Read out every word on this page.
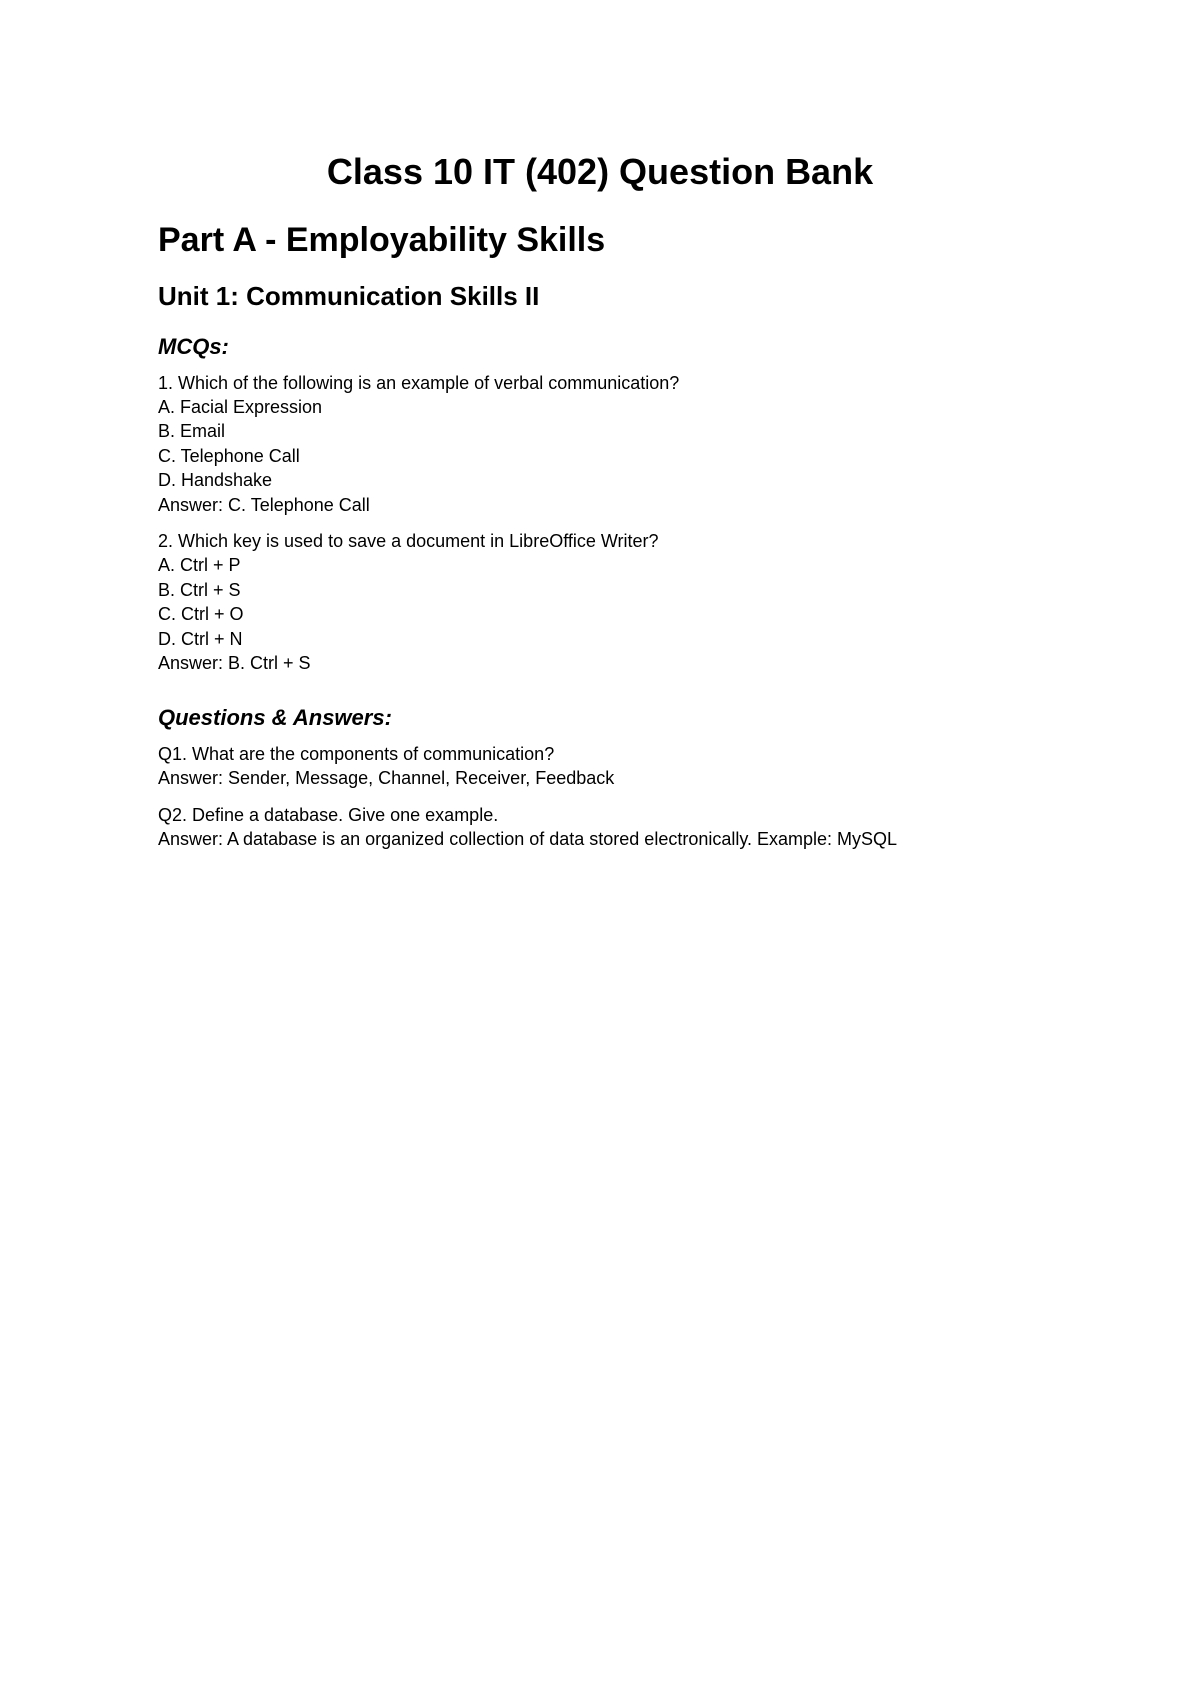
Class 10 IT (402) Question Bank
Part A - Employability Skills
Unit 1: Communication Skills II
MCQs:
1. Which of the following is an example of verbal communication?
A. Facial Expression
B. Email
C. Telephone Call
D. Handshake
Answer: C. Telephone Call
2. Which key is used to save a document in LibreOffice Writer?
A. Ctrl + P
B. Ctrl + S
C. Ctrl + O
D. Ctrl + N
Answer: B. Ctrl + S
Questions & Answers:
Q1. What are the components of communication?
Answer: Sender, Message, Channel, Receiver, Feedback
Q2. Define a database. Give one example.
Answer: A database is an organized collection of data stored electronically. Example: MySQL
